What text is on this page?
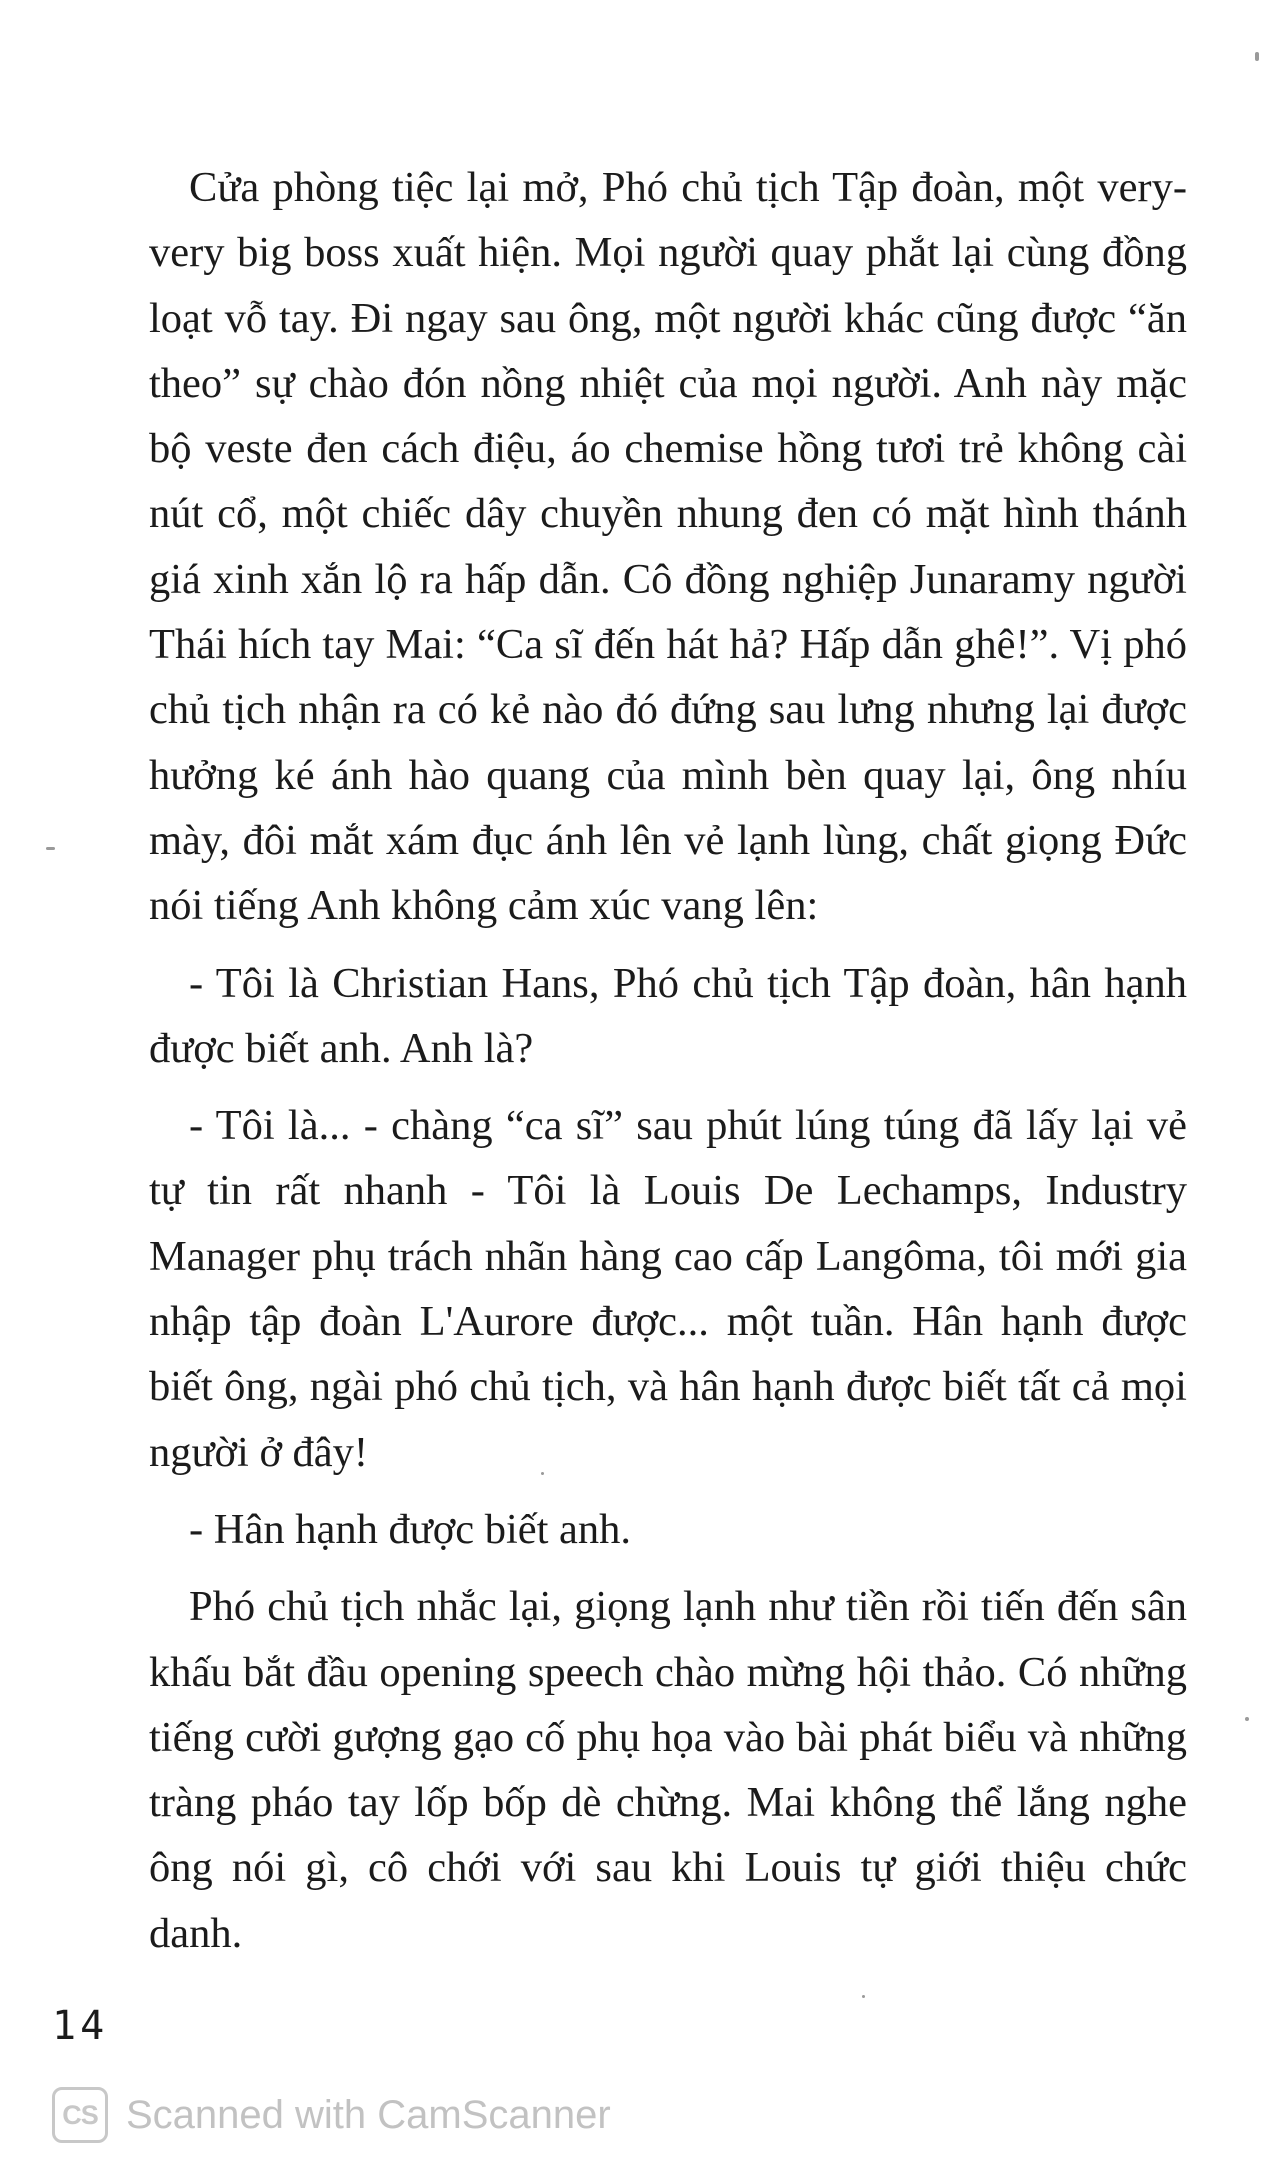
Cửa phòng tiệc lại mở, Phó chủ tịch Tập đoàn, một very-very big boss xuất hiện. Mọi người quay phắt lại cùng đồng loạt vỗ tay. Đi ngay sau ông, một người khác cũng được “ăn theo” sự chào đón nồng nhiệt của mọi người. Anh này mặc bộ veste đen cách điệu, áo chemise hồng tươi trẻ không cài nút cổ, một chiếc dây chuyền nhung đen có mặt hình thánh giá xinh xắn lộ ra hấp dẫn. Cô đồng nghiệp Junaramy người Thái hích tay Mai: “Ca sĩ đến hát hả? Hấp dẫn ghê!”. Vị phó chủ tịch nhận ra có kẻ nào đó đứng sau lưng nhưng lại được hưởng ké ánh hào quang của mình bèn quay lại, ông nhíu mày, đôi mắt xám đục ánh lên vẻ lạnh lùng, chất giọng Đức nói tiếng Anh không cảm xúc vang lên:

- Tôi là Christian Hans, Phó chủ tịch Tập đoàn, hân hạnh được biết anh. Anh là?

- Tôi là... - chàng “ca sĩ” sau phút lúng túng đã lấy lại vẻ tự tin rất nhanh - Tôi là Louis De Lechamps, Industry Manager phụ trách nhãn hàng cao cấp Langôma, tôi mới gia nhập tập đoàn L'Aurore được... một tuần. Hân hạnh được biết ông, ngài phó chủ tịch, và hân hạnh được biết tất cả mọi người ở đây!

- Hân hạnh được biết anh.

Phó chủ tịch nhắc lại, giọng lạnh như tiền rồi tiến đến sân khấu bắt đầu opening speech chào mừng hội thảo. Có những tiếng cười gượng gạo cố phụ họa vào bài phát biểu và những tràng pháo tay lốp bốp dè chừng. Mai không thể lắng nghe ông nói gì, cô chới với sau khi Louis tự giới thiệu chức danh.

14
CS Scanned with CamScanner
